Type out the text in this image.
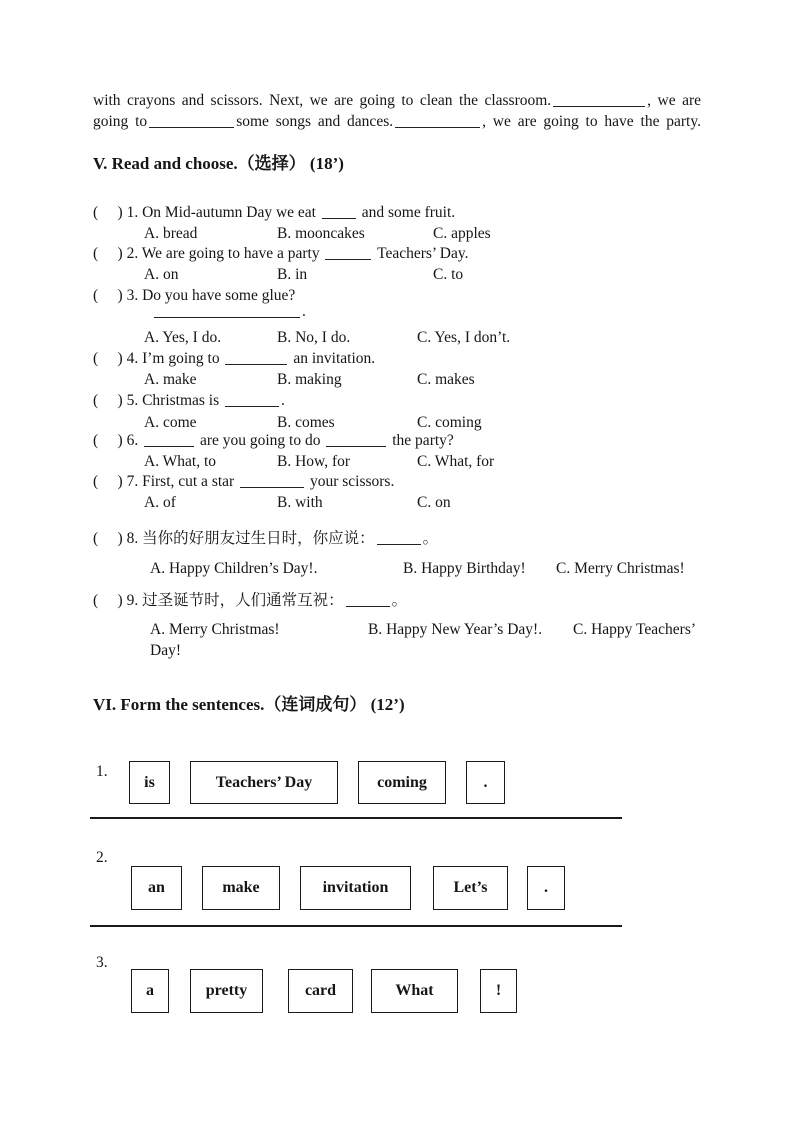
with crayons and scissors. Next, we are going to clean the classroom.	, we are
going to	some songs and dances.	, we are going to have the party.
V. Read and choose.（选择） (18’)
(     ) 1. On Mid-autumn Day we eat  and some fruit.
A. bread	B. mooncakes	C. apples
(     ) 2. We are going to have a party	Teachers’ Day.
A. on	B. in	C. to
(     ) 3. Do you have some glue?
.
A. Yes, I do.	B. No, I do.	C. Yes, I don’t.
(     ) 4. I’m going to	an invitation.
A. make	B. making	C. makes
(     ) 5. Christmas is	.
A. come	B. comes	C. coming
(     ) 6.	are you going to do	the party?
A. What, to	B. How, for	C. What, for
(     ) 7. First, cut a star	your scissors.
A. of	B. with	C. on
(     ) 8. 当你的好朋友过生日时，你应说：	。
A. Happy Children’s Day!.	B. Happy Birthday! C. Merry Christmas!
(     ) 9. 过圣诞节时，人们通常互祝：	。
A. Merry Christmas!	B. Happy New Year’s Day!. C. Happy Teachers’
Day!
VI. Form the sentences.（连词成句） (12’)
1.
is	Teachers’ Day	coming	.
2.
an	make	invitation	Let’s	.
3.
a	pretty	card	What	!
